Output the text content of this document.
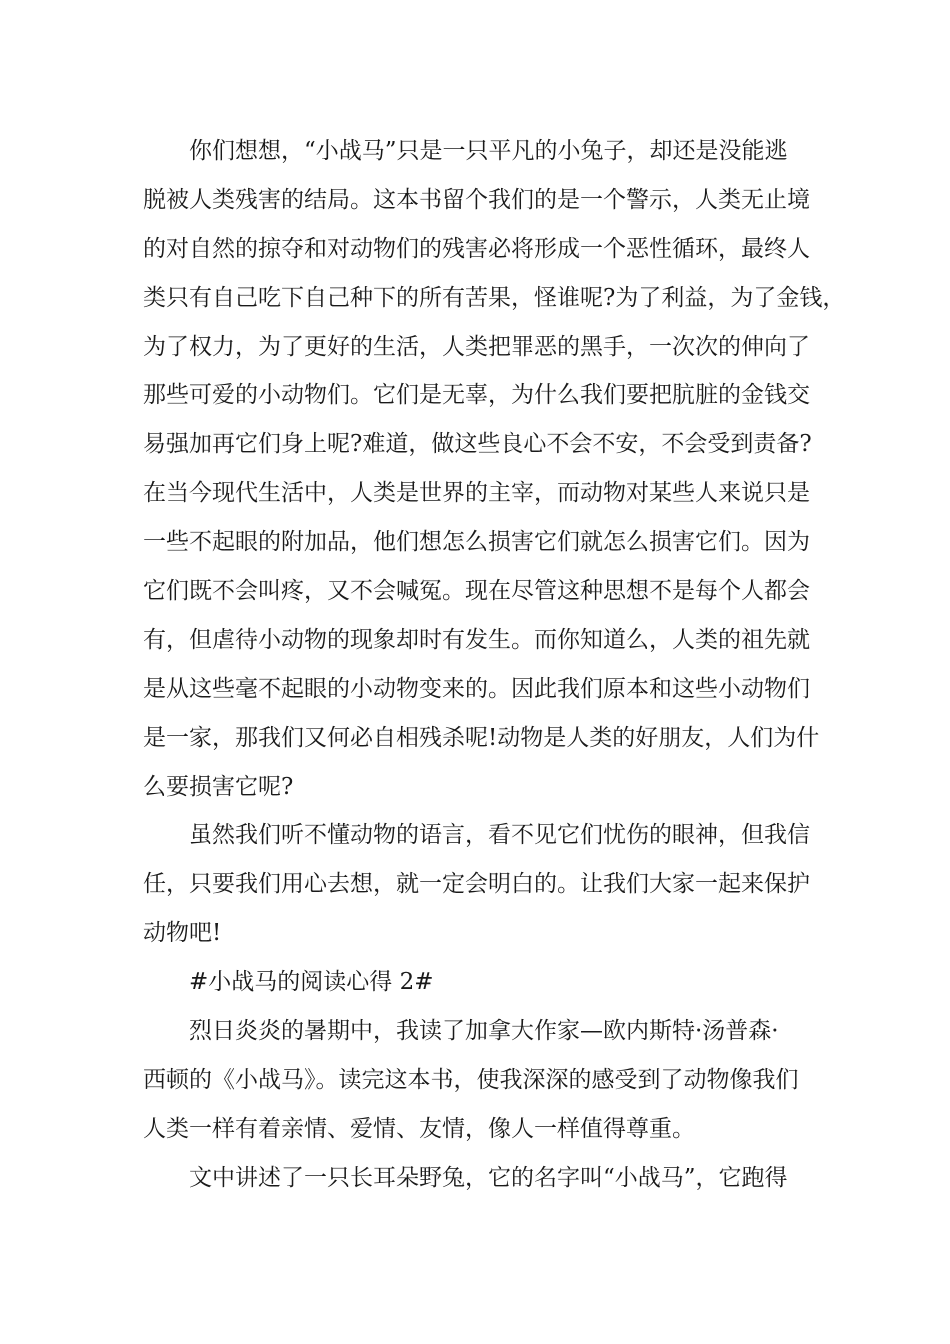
你们想想，“小战马”只是一只平凡的小兔子，却还是没能逃
脱被人类残害的结局。这本书留个我们的是一个警示，人类无止境
的对自然的掠夺和对动物们的残害必将形成一个恶性循环，最终人
类只有自己吃下自己种下的所有苦果，怪谁呢?为了利益，为了金钱，
为了权力，为了更好的生活，人类把罪恶的黑手，一次次的伸向了
那些可爱的小动物们。它们是无辜，为什么我们要把肮脏的金钱交
易强加再它们身上呢?难道，做这些良心不会不安，不会受到责备?
在当今现代生活中，人类是世界的主宰，而动物对某些人来说只是
一些不起眼的附加品，他们想怎么损害它们就怎么损害它们。因为
它们既不会叫疼，又不会喊冤。现在尽管这种思想不是每个人都会
有，但虐待小动物的现象却时有发生。而你知道么，人类的祖先就
是从这些毫不起眼的小动物变来的。因此我们原本和这些小动物们
是一家，那我们又何必自相残杀呢!动物是人类的好朋友，人们为什
么要损害它呢?
虽然我们听不懂动物的语言，看不见它们忧伤的眼神，但我信
任，只要我们用心去想，就一定会明白的。让我们大家一起来保护
动物吧!
#小战马的阅读心得 2#
烈日炎炎的暑期中，我读了加拿大作家—欧内斯特·汤普森·
西顿的《小战马》。读完这本书，使我深深的感受到了动物像我们
人类一样有着亲情、爱情、友情，像人一样值得尊重。
文中讲述了一只长耳朵野兔，它的名字叫“小战马”，它跑得
